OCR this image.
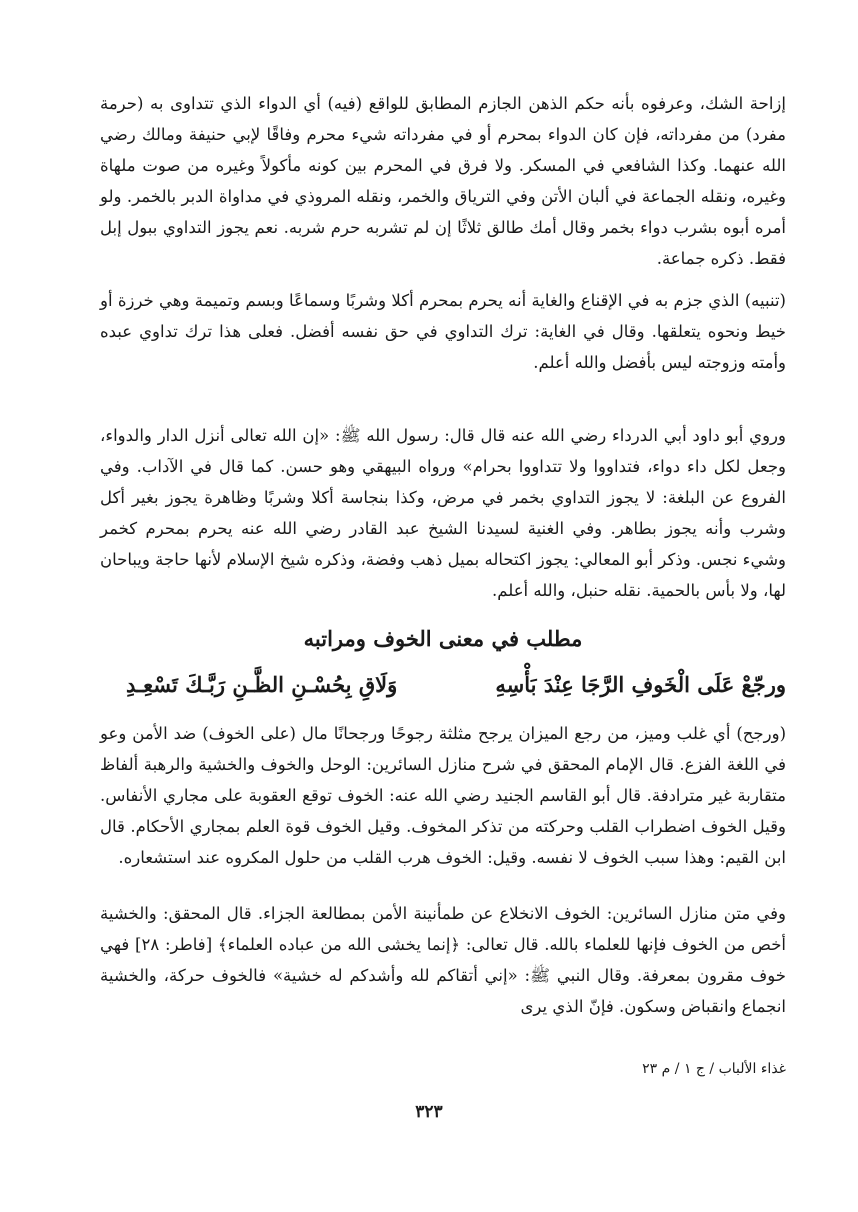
إزاحة الشك، وعرفوه بأنه حكم الذهن الجازم المطابق للواقع (فيه) أي الدواء الذي تتداوى به (حرمة مفرد) من مفرداته، فإن كان الدواء بمحرم أو في مفرداته شيء محرم وفاقًا لإبي حنيفة ومالك رضي الله عنهما. وكذا الشافعي في المسكر. ولا فرق في المحرم بين كونه مأكولاً وغيره من صوت ملهاة وغيره، ونقله الجماعة في ألبان الأتن وفي الترياق والخمر، ونقله المروذي في مداواة الدبر بالخمر. ولو أمره أبوه بشرب دواء بخمر وقال أمك طالق ثلاثًا إن لم تشربه حرم شربه. نعم يجوز التداوي ببول إبل فقط. ذكره جماعة.

(تنبيه) الذي جزم به في الإقناع والغاية أنه يحرم بمحرم أكلا وشربًا وسماعًا وبسم وتميمة وهي خرزة أو خيط ونحوه يتعلقها. وقال في الغاية: ترك التداوي في حق نفسه أفضل. فعلى هذا ترك تداوي عبده وأمته وزوجته ليس بأفضل والله أعلم.

وروي أبو داود أبي الدرداء رضي الله عنه قال قال: رسول الله ﷺ: «إن الله تعالى أنزل الدار والدواء، وجعل لكل داء دواء، فتداووا ولا تتداووا بحرام» ورواه البيهقي وهو حسن. كما قال في الآداب. وفي الفروع عن البلغة: لا يجوز التداوي بخمر في مرض، وكذا بنجاسة أكلا وشربًا وظاهرة يجوز بغير أكل وشرب وأنه يجوز بطاهر. وفي الغنية لسيدنا الشيخ عبد القادر رضي الله عنه يحرم بمحرم كخمر وشيء نجس. وذكر أبو المعالي: يجوز اكتحاله بميل ذهب وفضة، وذكره شيخ الإسلام لأنها حاجة ويباحان لها، ولا بأس بالحمية. نقله حنبل، والله أعلم.

مطلب في معنى الخوف ومراتبه
ورجّعْ عَلَى الْخَوفِ الرَّجَا عِنْدَ بَأْسِهِ
وَلَاقِ بِحُسْـنِ الظَّـنِ رَبَّـكَ تَسْعِـدِ

(ورجح) أي غلب وميز، من رجع الميزان يرجح مثلثة رجوحًا ورجحانًا مال (على الخوف) ضد الأمن وعو في اللغة الفزع. قال الإمام المحقق في شرح منازل السائرين: الوحل والخوف والخشية والرهبة ألفاظ متقاربة غير مترادفة. قال أبو القاسم الجنيد رضي الله عنه: الخوف توقع العقوبة على مجاري الأنفاس. وقيل الخوف اضطراب القلب وحركته من تذكر المخوف. وقيل الخوف قوة العلم بمجاري الأحكام. قال ابن القيم: وهذا سبب الخوف لا نفسه. وقيل: الخوف هرب القلب من حلول المكروه عند استشعاره.

وفي متن منازل السائرين: الخوف الانخلاع عن طمأنينة الأمن بمطالعة الجزاء. قال المحقق: والخشية أخص من الخوف فإنها للعلماء بالله. قال تعالى: ﴿إنما يخشى الله من عباده العلماء﴾ [فاطر: ٢٨] فهي خوف مقرون بمعرفة. وقال النبي ﷺ: «إني أتقاكم لله وأشدكم له خشية» فالخوف حركة، والخشية انجماع وانقباض وسكون. فإنّ الذي يرى

غذاء الألباب / ج ١ / م ٢٣
٣٢٣
